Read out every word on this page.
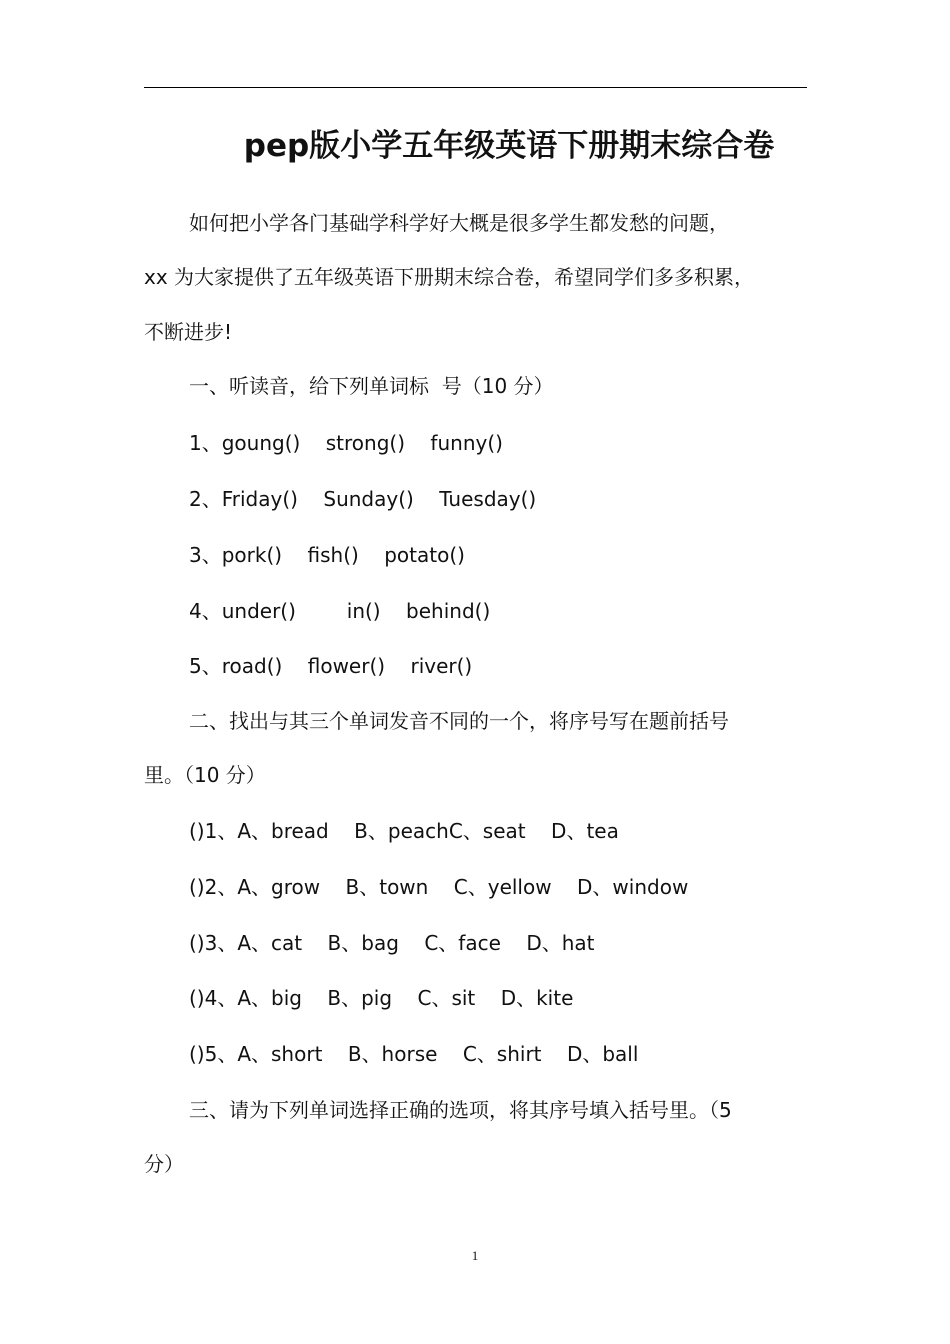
pep版小学五年级英语下册期末综合卷
如何把小学各门基础学科学好大概是很多学生都发愁的问题，
xx 为大家提供了五年级英语下册期末综合卷，希望同学们多多积累，
不断进步!
一、听读音，给下列单词标  号（10 分）
1、goung()    strong()    funny()
2、Friday()    Sunday()    Tuesday()
3、pork()    fish()    potato()
4、under()        in()    behind()
5、road()    flower()    river()
二、找出与其三个单词发音不同的一个，将序号写在题前括号
里。（10 分）
()1、A、bread    B、peachC、seat    D、tea
()2、A、grow    B、town    C、yellow    D、window
()3、A、cat    B、bag    C、face    D、hat
()4、A、big    B、pig    C、sit    D、kite
()5、A、short    B、horse    C、shirt    D、ball
三、请为下列单词选择正确的选项，将其序号填入括号里。（5
分）
1
